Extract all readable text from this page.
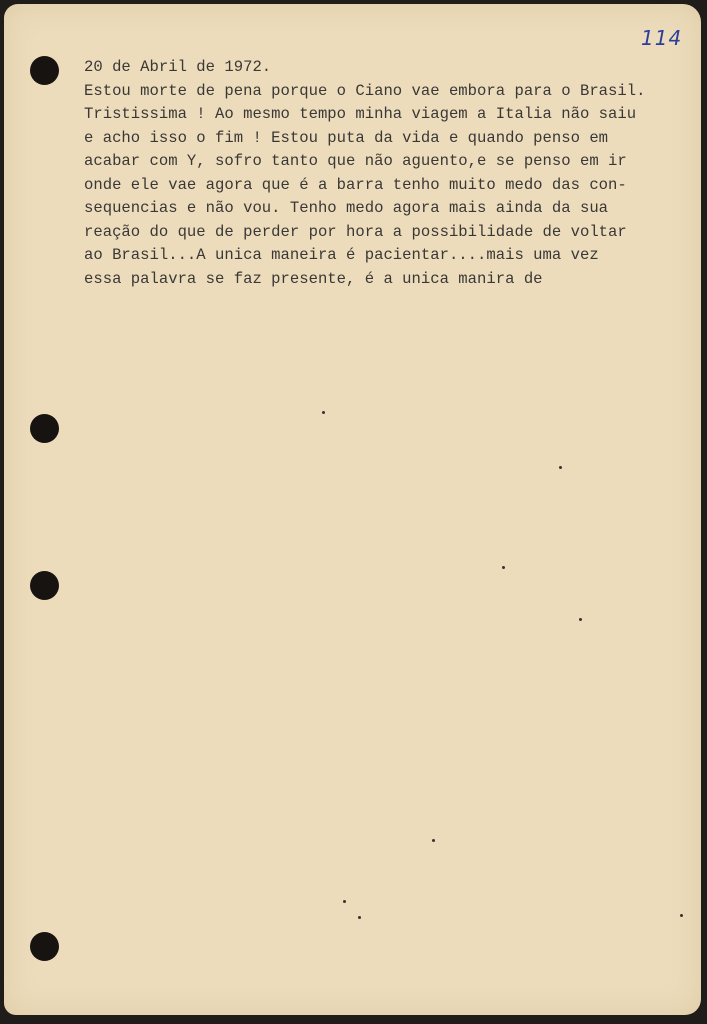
114
20 de Abril de 1972.
Estou morte de pena porque o Ciano vae embora para o Brasil.
Tristissima ! Ao mesmo tempo minha viagem a Italia não saiu
e acho isso o fim ! Estou puta da vida e quando penso em
acabar com Y, sofro tanto que não aguento,e se penso em ir
onde ele vae agora que é a barra tenho muito medo das con-
sequencias e não vou. Tenho medo agora mais ainda da sua
reação do que de perder por hora a possibilidade de voltar
ao Brasil...A unica maneira é pacientar....mais uma vez
essa palavra se faz presente, é a unica manira de
